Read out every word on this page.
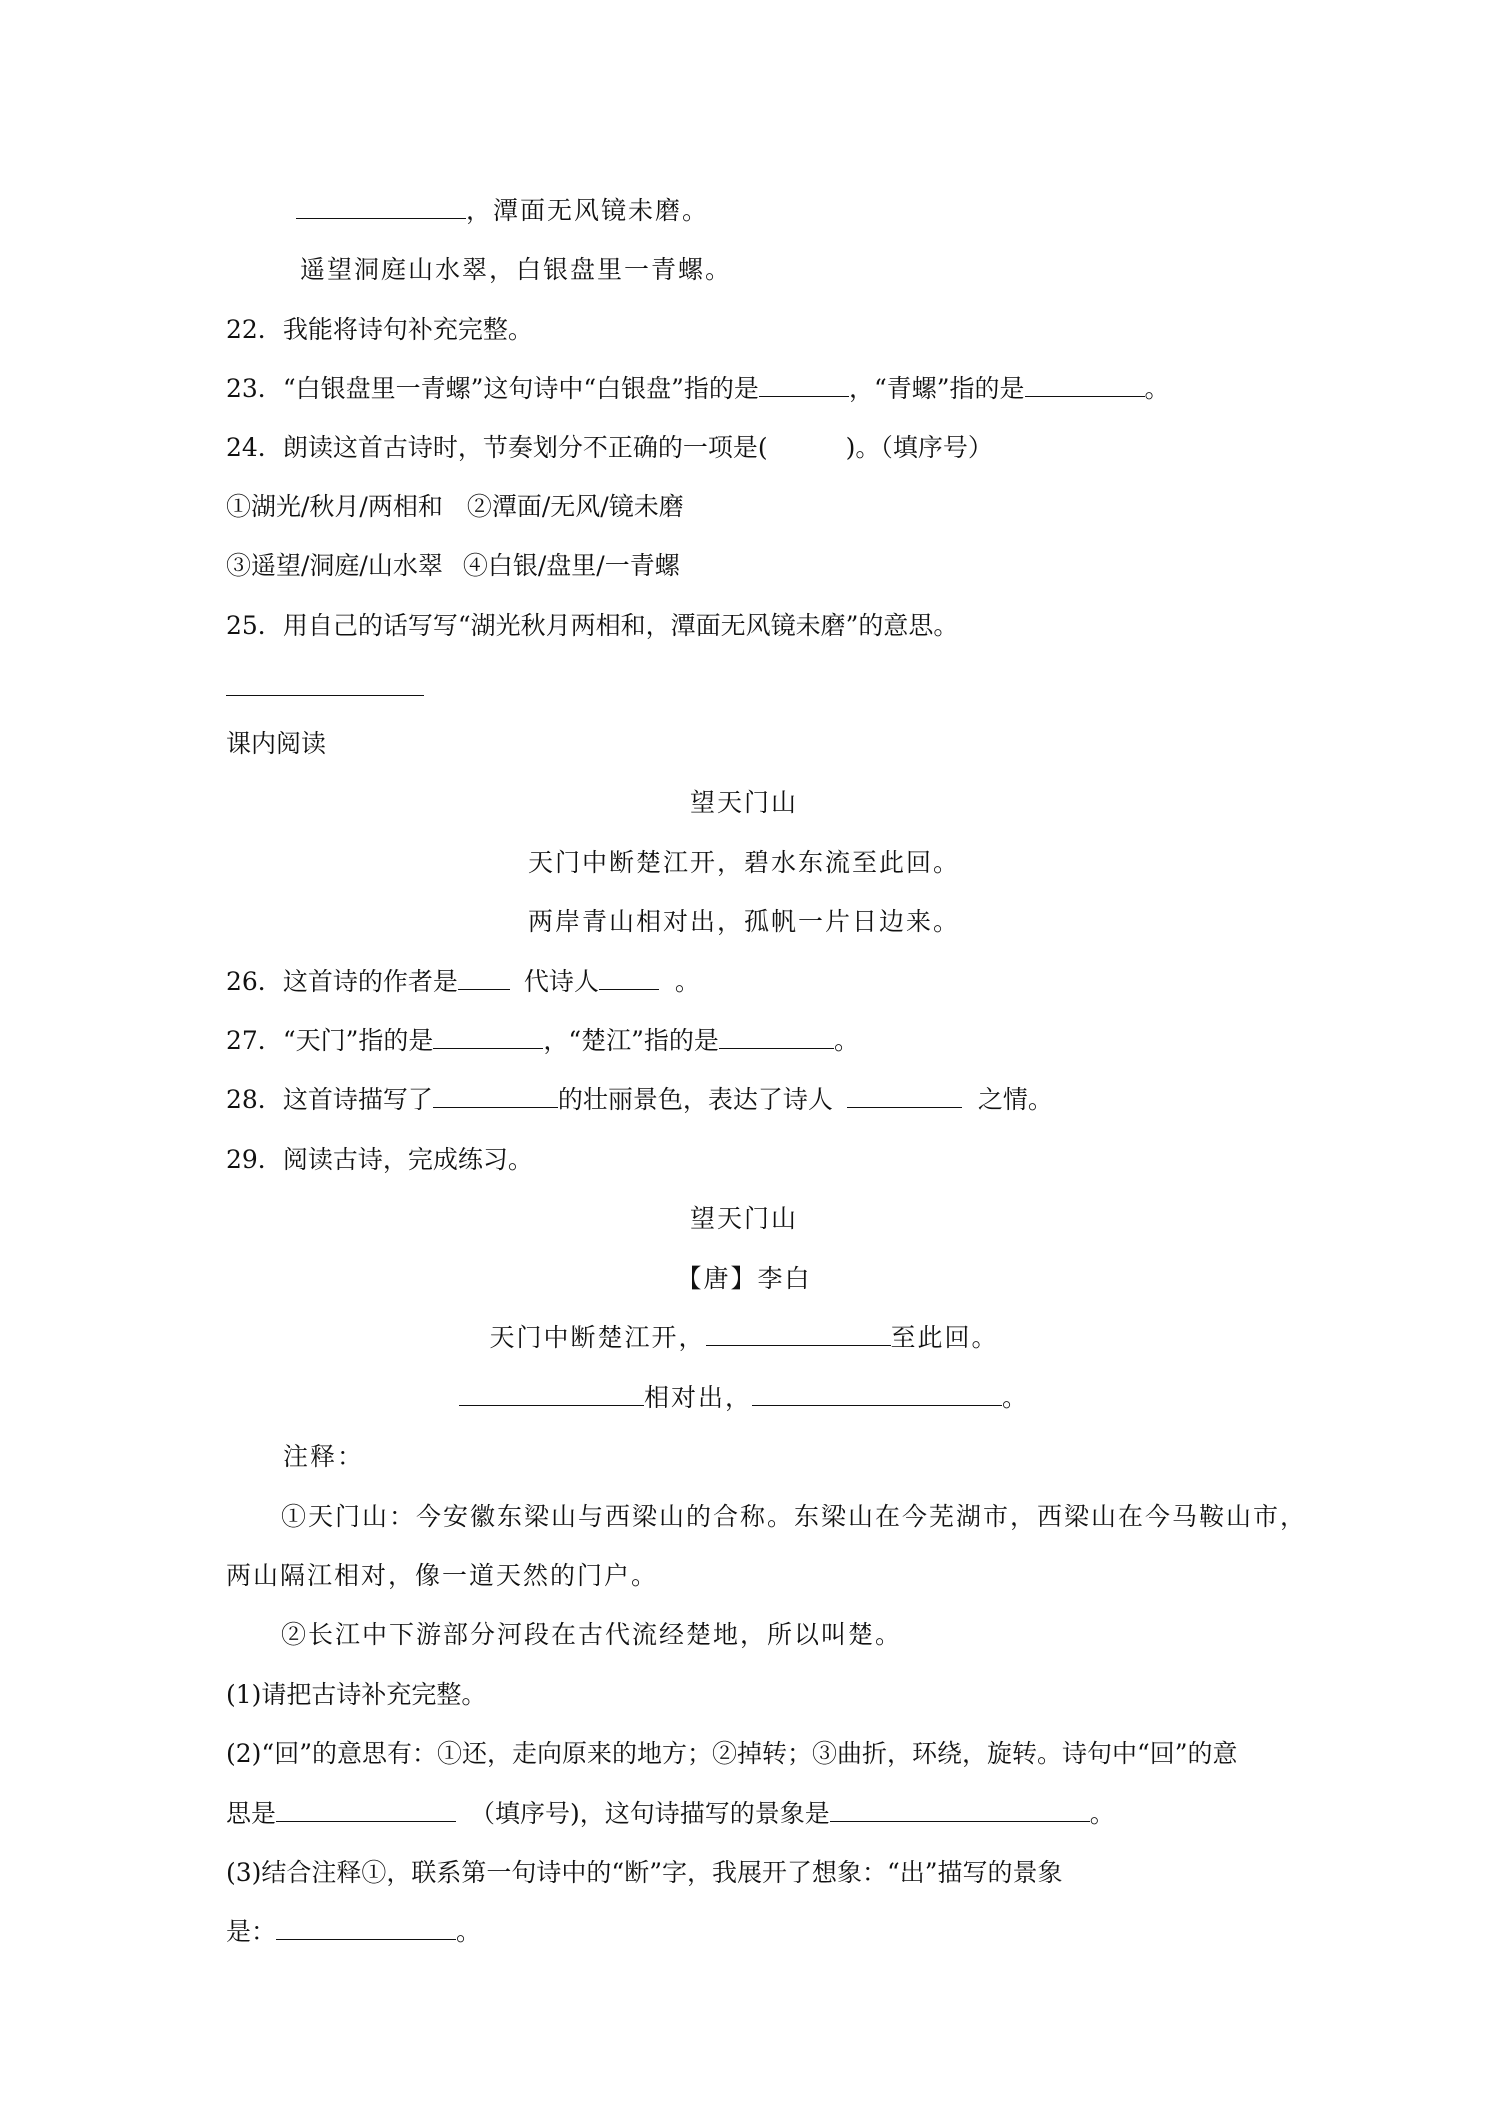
，潭面无风镜未磨。
遥望洞庭山水翠，白银盘里一青螺。
22．我能将诗句补充完整。
23．“白银盘里一青螺”这句诗中“白银盘”指的是	，“青螺”指的是	。
24．朗读这首古诗时，节奏划分不正确的一项是(	)。（填序号）
①湖光/秋月/两相和 ②潭面/无风/镜未磨
③遥望/洞庭/山水翠 ④白银/盘里/一青螺
25．用自己的话写写“湖光秋月两相和，潭面无风镜未磨”的意思。
课内阅读
望天门山
天门中断楚江开，碧水东流至此回。
两岸青山相对出，孤帆一片日边来。
26．这首诗的作者是	代诗人	。
27．“天门”指的是	，“楚江”指的是	。
28．这首诗描写了	的壮丽景色，表达了诗人	之情。
29．阅读古诗，完成练习。
望天门山
【唐】李白
天门中断楚江开，	至此回。
相对出，	。
注释：
①天门山：今安徽东梁山与西梁山的合称。东梁山在今芜湖市，西梁山在今马鞍山市，
两山隔江相对，像一道天然的门户。
②长江中下游部分河段在古代流经楚地，所以叫楚。
(1)请把古诗补充完整。
(2)“回”的意思有：①还，走向原来的地方；②掉转；③曲折，环绕，旋转。诗句中“回”的意
思是	（填序号)，这句诗描写的景象是	。
(3)结合注释①，联系第一句诗中的“断”字，我展开了想象：“出”描写的景象
是：	。
